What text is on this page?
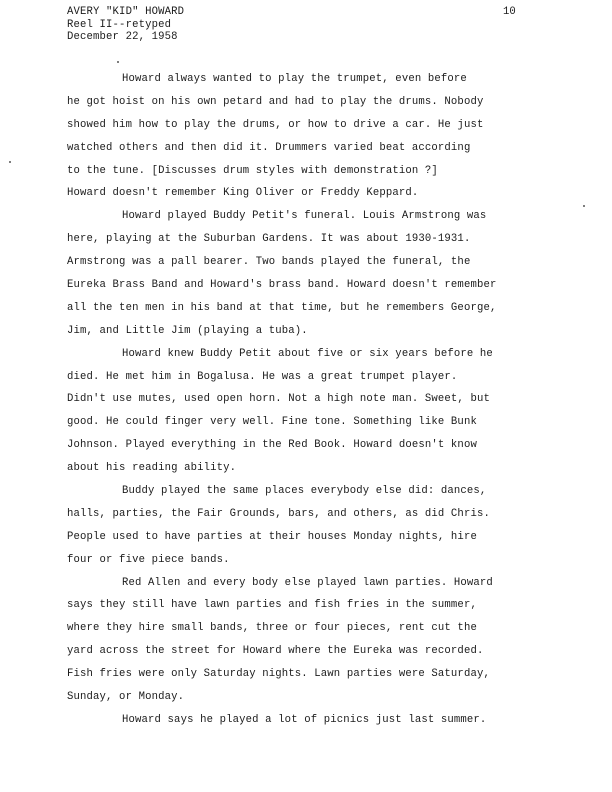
AVERY "KID" HOWARD
Reel II--retyped
December 22, 1958
10
Howard always wanted to play the trumpet, even before
he got hoist on his own petard and had to play the drums. Nobody
showed him how to play the drums, or how to drive a car. He just
watched others and then did it. Drummers varied beat according
to the tune. [Discusses drum styles with demonstration ?]
Howard doesn't remember King Oliver or Freddy Keppard.
Howard played Buddy Petit's funeral. Louis Armstrong was
here, playing at the Suburban Gardens. It was about 1930-1931.
Armstrong was a pall bearer. Two bands played the funeral, the
Eureka Brass Band and Howard's brass band. Howard doesn't remember
all the ten men in his band at that time, but he remembers George,
Jim, and Little Jim (playing a tuba).
Howard knew Buddy Petit about five or six years before he
died. He met him in Bogalusa. He was a great trumpet player.
Didn't use mutes, used open horn. Not a high note man. Sweet, but
good. He could finger very well. Fine tone. Something like Bunk
Johnson. Played everything in the Red Book. Howard doesn't know
about his reading ability.
Buddy played the same places everybody else did: dances,
halls, parties, the Fair Grounds, bars, and others, as did Chris.
People used to have parties at their houses Monday nights, hire
four or five piece bands.
Red Allen and every body else played lawn parties. Howard
says they still have lawn parties and fish fries in the summer,
where they hire small bands, three or four pieces, rent cut the
yard across the street for Howard where the Eureka was recorded.
Fish fries were only Saturday nights. Lawn parties were Saturday,
Sunday, or Monday.
Howard says he played a lot of picnics just last summer.
